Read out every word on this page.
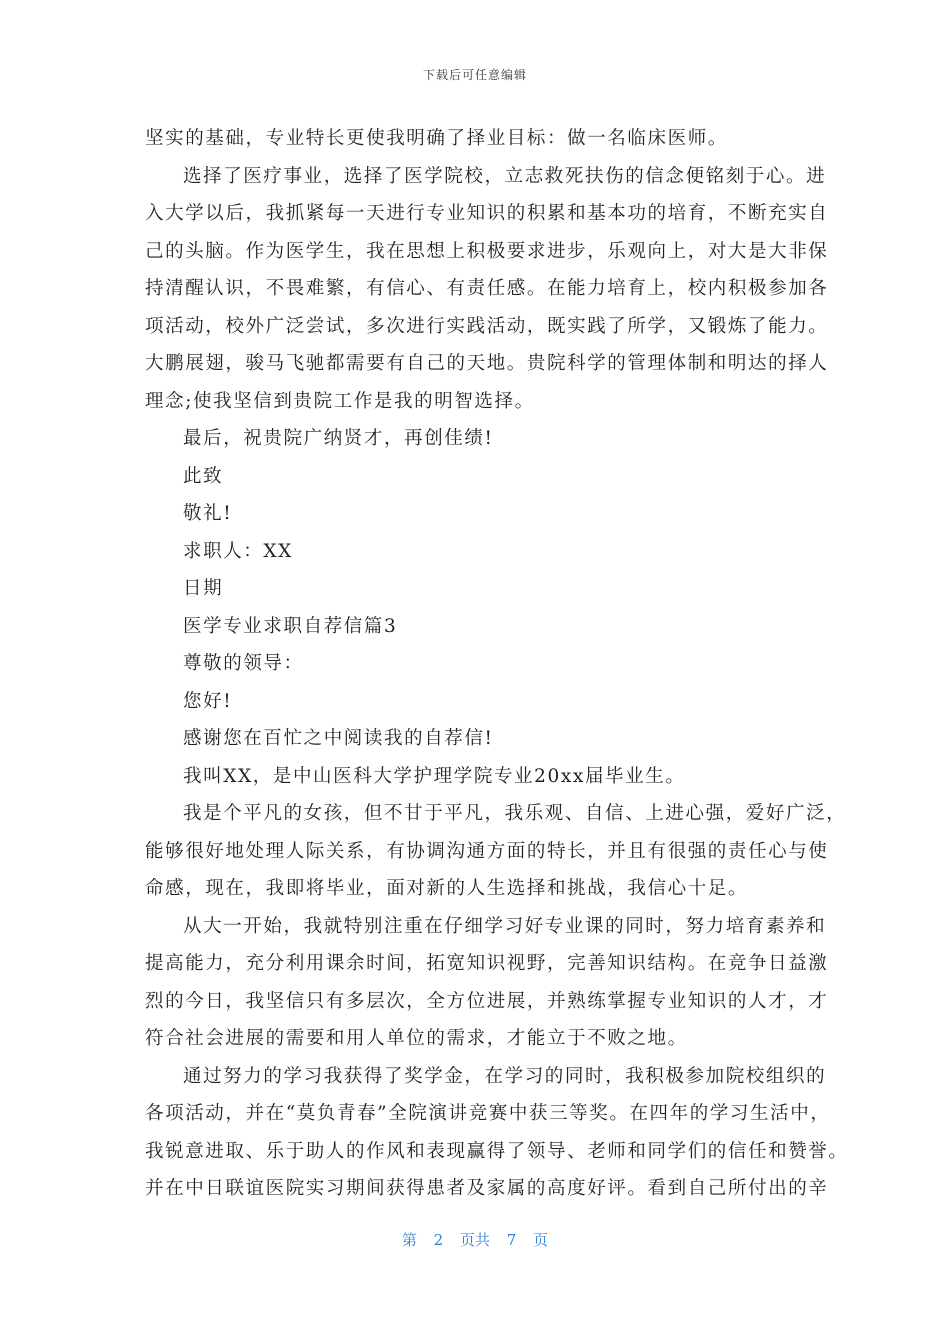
下载后可任意编辑
坚实的基础，专业特长更使我明确了择业目标：做一名临床医师。
选择了医疗事业，选择了医学院校，立志救死扶伤的信念便铭刻于心。进
入大学以后，我抓紧每一天进行专业知识的积累和基本功的培育，不断充实自
己的头脑。作为医学生，我在思想上积极要求进步，乐观向上，对大是大非保
持清醒认识，不畏难繁，有信心、有责任感。在能力培育上，校内积极参加各
项活动，校外广泛尝试，多次进行实践活动，既实践了所学，又锻炼了能力。
大鹏展翅，骏马飞驰都需要有自己的天地。贵院科学的管理体制和明达的择人
理念;使我坚信到贵院工作是我的明智选择。
最后，祝贵院广纳贤才，再创佳绩!
此致
敬礼!
求职人：XX
日期
医学专业求职自荐信篇3
尊敬的领导：
您好!
感谢您在百忙之中阅读我的自荐信!
我叫XX，是中山医科大学护理学院专业20xx届毕业生。
我是个平凡的女孩，但不甘于平凡，我乐观、自信、上进心强，爱好广泛，
能够很好地处理人际关系，有协调沟通方面的特长，并且有很强的责任心与使
命感，现在，我即将毕业，面对新的人生选择和挑战，我信心十足。
从大一开始，我就特别注重在仔细学习好专业课的同时，努力培育素养和
提高能力，充分利用课余时间，拓宽知识视野，完善知识结构。在竞争日益激
烈的今日，我坚信只有多层次，全方位进展，并熟练掌握专业知识的人才，才
符合社会进展的需要和用人单位的需求，才能立于不败之地。
通过努力的学习我获得了奖学金，在学习的同时，我积极参加院校组织的
各项活动，并在“莫负青春”全院演讲竞赛中获三等奖。在四年的学习生活中，
我锐意进取、乐于助人的作风和表现赢得了领导、老师和同学们的信任和赞誉。
并在中日联谊医院实习期间获得患者及家属的高度好评。看到自己所付出的辛
第 2 页共 7 页
